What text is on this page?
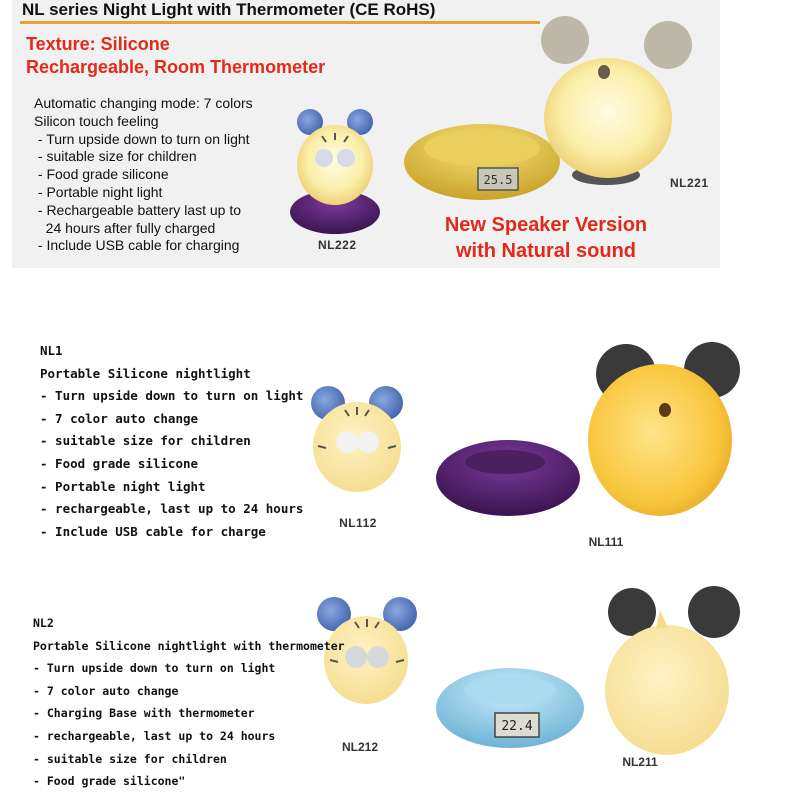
NL series Night Light with Thermometer (CE RoHS)
Texture: Silicone
Rechargeable, Room Thermometer
Automatic changing mode: 7 colors
Silicon touch feeling
- Turn upside down to turn on light
- suitable size for children
- Food grade silicone
- Portable night light
- Rechargeable battery last up to
24 hours after fully charged
- Include USB cable for charging
New Speaker Version
with Natural sound
NL222
NL221
25.5
NL112
NL111
NL212
22.4
NL211
NL1
Portable Silicone nightlight
- Turn upside down to turn on light
- 7 color auto change
- suitable size for children
- Food grade silicone
- Portable night light
- rechargeable, last up to 24 hours
- Include USB cable for charge
NL2
Portable Silicone nightlight with thermometer
- Turn upside down to turn on light
- 7 color auto change
- Charging Base with thermometer
- rechargeable, last up to 24 hours
- suitable size for children
- Food grade silicone"
